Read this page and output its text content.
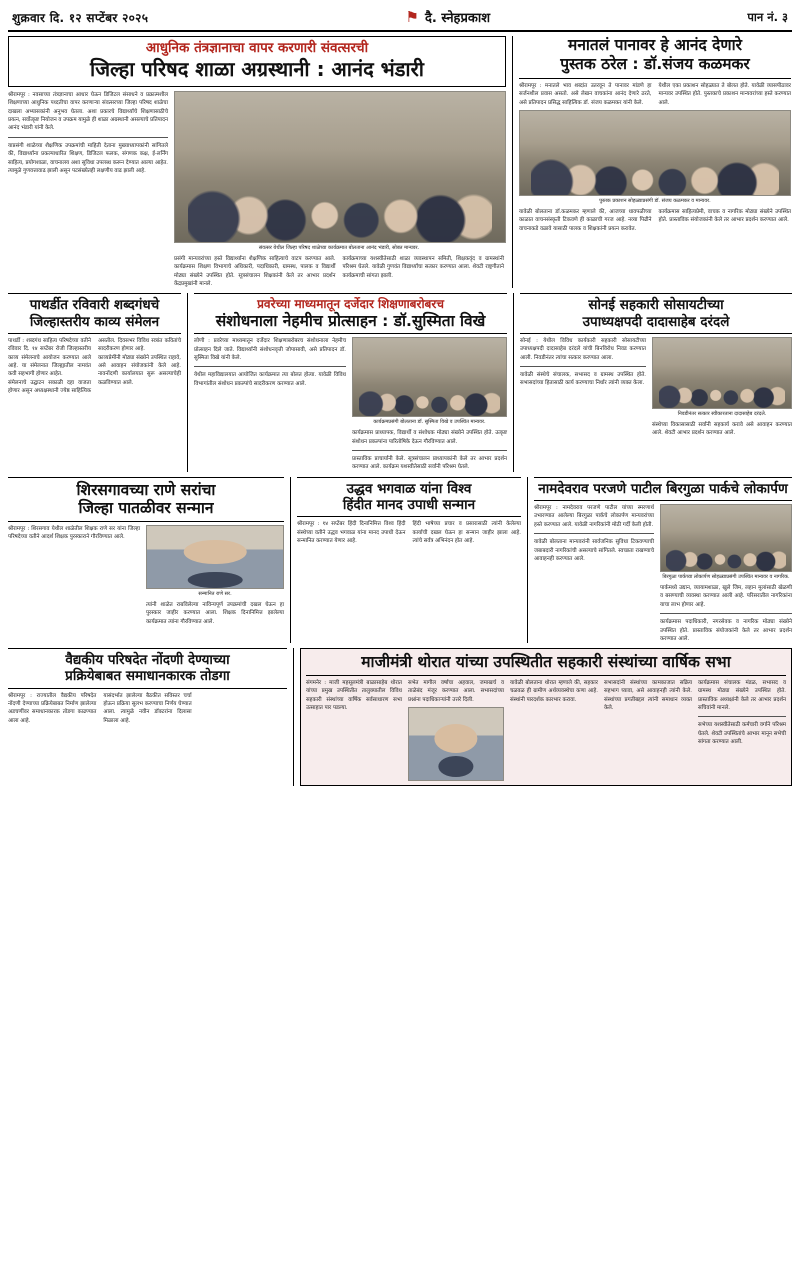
शुक्रवार दि. १२ सप्टेंबर २०२५	⚑ दै. स्नेहप्रकाश	पान नं. ३
आधुनिक तंत्रज्ञानाचा वापर करणारी संवत्सरची
जिल्हा परिषद शाळा अग्रस्थानी : आनंद भंडारी
श्रीरामपूर : नवसाच्या तंत्रज्ञानाचा आधार घेऊन डिजिटल संसाधने व प्रक्रात्मशील शिक्षणाच्या आधुनिक पध्दतीचा वापर करणाऱ्या संवत्सरच्या जिल्हा परिषद शाळेचा दाखला अभ्यासकांनी अनुभव घेतला. अशा प्रकारचे विद्यार्थ्यांचे शिक्षणासाठीचे प्रयत्न, सर्वोत्कृष्ट नियोजन व उपक्रम यामुळे ही शाळा अग्रस्थानी असल्याचे प्रतिपादन आनंद भंडारी यांनी केले.
याप्रसंगी शाळेच्या शैक्षणिक उपक्रमांची माहिती देताना मुख्याध्यापकांनी सांगितले की, विद्यार्थ्यांना प्रकल्पाधारित शिक्षण, डिजिटल फलक, संगणक कक्ष, ई-लर्निंग साहित्य, प्रयोगशाळा, वाचनालय अशा सुविधा उपलब्ध करून देण्यात आल्या आहेत. त्यामुळे गुणवत्तावाढ झाली असून पटसंख्येतही लक्षणीय वाढ झाली आहे.
संवत्सर येथील जिल्हा परिषद शाळेच्या कार्यक्रमात बोलताना आनंद भंडारी, सोबत मान्यवर.
प्रसंगी मान्यवरांच्या हस्ते विद्यार्थ्यांना शैक्षणिक साहित्याचे वाटप करण्यात आले. कार्यक्रमास शिक्षण विभागाचे अधिकारी, पदाधिकारी, ग्रामस्थ, पालक व विद्यार्थी मोठ्या संख्येने उपस्थित होते. सूत्रसंचालन शिक्षकांनी केले तर आभार प्रदर्शन केंद्रप्रमुखांनी मानले.
कार्यक्रमाच्या यशस्वीतेसाठी शाळा व्यवस्थापन समिती, शिक्षकवृंद व ग्रामस्थांनी परिश्रम घेतले. यावेळी गुणवंत विद्यार्थ्यांचा सत्कार करण्यात आला. शेवटी राष्ट्रगीताने कार्यक्रमाची सांगता झाली.
मनातलं पानावर हे आनंद देणारे
पुस्तक ठरेल : डॉ.संजय कळमकर
श्रीरामपूर : मनातले भाव शब्दांत उतरवून ते पानावर मांडणे हा सर्जनशील प्रवास असतो. असे लेखन वाचकांना आनंद देणारे ठरते, असे प्रतिपादन प्रसिद्ध साहित्यिक डॉ. संजय कळमकर यांनी केले.
येथील एका प्रकाशन सोहळ्यात ते बोलत होते. यावेळी व्यासपीठावर मान्यवर उपस्थित होते. पुस्तकाचे प्रकाशन मान्यवरांच्या हस्ते करण्यात आले.
पुस्तक प्रकाशन सोहळ्याप्रसंगी डॉ. संजय कळमकर व मान्यवर.
यावेळी बोलताना डॉ.कळमकर म्हणाले की, आजच्या धावपळीच्या काळात वाचनसंस्कृती टिकवणे ही काळाची गरज आहे. नव्या पिढीने वाचनाकडे वळावे यासाठी पालक व शिक्षकांनी प्रयत्न करावेत.
कार्यक्रमास साहित्यप्रेमी, वाचक व नागरिक मोठ्या संख्येने उपस्थित होते. प्रास्ताविक संयोजकांनी केले तर आभार प्रदर्शन करण्यात आले.
पाथर्डीत रविवारी शब्दगंधचे
जिल्हास्तरीय काव्य संमेलन
पाथर्डी : शब्दगंध साहित्य परिषदेच्या वतीने रविवार दि. १४ सप्टेंबर रोजी जिल्हास्तरीय काव्य संमेलनाचे आयोजन करण्यात आले आहे. या संमेलनात जिल्ह्यातील नामवंत कवी सहभागी होणार आहेत.
संमेलनाचे उद्घाटन सकाळी दहा वाजता होणार असून अध्यक्षस्थानी ज्येष्ठ साहित्यिक असतील. दिवसभर विविध सत्रांत कवितांचे सादरीकरण होणार आहे.
काव्यप्रेमींनी मोठ्या संख्येने उपस्थित राहावे, असे आवाहन संयोजकांनी केले आहे. नावनोंदणी कार्यालयात सुरू असल्याचेही कळविण्यात आले.
प्रवरेच्या माध्यमातून दर्जेदार शिक्षणाबरोबरच
संशोधनाला नेहमीच प्रोत्साहन : डॉ.सुस्मिता विखे
लोणी : प्रवरेच्या माध्यमातून दर्जेदार शिक्षणाबरोबरच संशोधनाला नेहमीच प्रोत्साहन दिले जाते. विद्यार्थ्यांनी संशोधनवृत्ती जोपासावी, असे प्रतिपादन डॉ. सुस्मिता विखे यांनी केले.
येथील महाविद्यालयात आयोजित कार्यक्रमात त्या बोलत होत्या. यावेळी विविध विभागांतील संशोधन प्रकल्पांचे सादरीकरण करण्यात आले.
कार्यक्रमप्रसंगी बोलताना डॉ. सुस्मिता विखे व उपस्थित मान्यवर.
कार्यक्रमास प्राध्यापक, विद्यार्थी व संशोधक मोठ्या संख्येने उपस्थित होते. उत्कृष्ट संशोधन प्रकल्पांना पारितोषिके देऊन गौरविण्यात आले.
प्रास्ताविक प्राचार्यांनी केले. सूत्रसंचालन प्राध्यापकांनी केले तर आभार प्रदर्शन करण्यात आले. कार्यक्रम यशस्वीतेसाठी सर्वांनी परिश्रम घेतले.
सोनई सहकारी सोसायटीच्या
उपाध्यक्षपदी दादासाहेब दरंदले
सोनई : येथील विविध कार्यकारी सहकारी सोसायटीच्या उपाध्यक्षपदी दादासाहेब दरंदले यांची बिनविरोध निवड करण्यात आली. निवडीनंतर त्यांचा सत्कार करण्यात आला.
यावेळी संस्थेचे संचालक, सभासद व ग्रामस्थ उपस्थित होते. सभासदांच्या हितासाठी कार्य करण्याचा निर्धार त्यांनी व्यक्त केला.
निवडीनंतर सत्कार स्वीकारताना दादासाहेब दरंदले.
संस्थेच्या विकासासाठी सर्वांनी सहकार्य करावे असे आवाहन करण्यात आले. शेवटी आभार प्रदर्शन करण्यात आले.
शिरसगावच्या राणे सरांचा
जिल्हा पातळीवर सन्मान
श्रीरामपूर : शिरसगाव येथील शाळेतील शिक्षक राणे सर यांना जिल्हा परिषदेच्या वतीने आदर्श शिक्षक पुरस्काराने गौरविण्यात आले.
सन्मानित राणे सर.
त्यांनी शाळेत राबविलेल्या नाविन्यपूर्ण उपक्रमांची दखल घेऊन हा पुरस्कार जाहीर करण्यात आला. शिक्षक दिनानिमित्त झालेल्या कार्यक्रमात त्यांना गौरविण्यात आले.
उद्धव भगवाळ यांना विश्व
हिंदीत मानद उपाधी सन्मान
श्रीरामपूर : १४ सप्टेंबर हिंदी दिनानिमित्त विश्व हिंदी संस्थेच्या वतीने उद्धव भगवाळ यांना मानद उपाधी देऊन सन्मानित करण्यात येणार आहे.
हिंदी भाषेच्या प्रचार व प्रसारासाठी त्यांनी केलेल्या कार्याची दखल घेऊन हा सन्मान जाहीर झाला आहे. त्यांचे सर्वत्र अभिनंदन होत आहे.
नामदेवराव परजणे पाटील बिरगुळा पार्कचे लोकार्पण
श्रीरामपूर : नामदेवराव परजणे पाटील यांच्या स्मरणार्थ उभारण्यात आलेल्या बिरगुळा पार्कचे लोकार्पण मान्यवरांच्या हस्ते करण्यात आले. यावेळी नागरिकांनी मोठी गर्दी केली होती.
यावेळी बोलताना मान्यवरांनी सार्वजनिक सुविधा टिकवण्याची जबाबदारी नागरिकांची असल्याचे सांगितले. स्वच्छता राखण्याचे आवाहनही करण्यात आले.
बिरगुळा पार्कच्या लोकार्पण सोहळ्याप्रसंगी उपस्थित मान्यवर व नागरिक.
पार्कमध्ये उद्यान, व्यायामशाळा, खुले जिम, लहान मुलांसाठी खेळणी व बसण्याची व्यवस्था करण्यात आली आहे. परिसरातील नागरिकांना याचा लाभ होणार आहे.
कार्यक्रमास पदाधिकारी, नगरसेवक व नागरिक मोठ्या संख्येने उपस्थित होते. प्रास्ताविक संयोजकांनी केले तर आभार प्रदर्शन करण्यात आले.
वैद्यकीय परिषदेत नोंदणी देण्याच्या
प्रक्रियेबाबत समाधानकारक तोडगा
श्रीरामपूर : राज्यातील वैद्यकीय परिषदेत नोंदणी देण्याच्या प्रक्रियेबाबत निर्माण झालेल्या अडचणींवर समाधानकारक तोडगा काढण्यात आला आहे.
यासंदर्भात झालेल्या बैठकीत सविस्तर चर्चा होऊन प्रक्रिया सुलभ करण्याचा निर्णय घेण्यात आला. त्यामुळे नवीन डॉक्टरांना दिलासा मिळाला आहे.
माजीमंत्री थोरात यांच्या उपस्थितीत सहकारी संस्थांच्या वार्षिक सभा
संगमनेर : माजी महसूलमंत्री बाळासाहेब थोरात यांच्या प्रमुख उपस्थितीत तालुक्यातील विविध सहकारी संस्थांच्या वार्षिक सर्वसाधारण सभा उत्साहात पार पडल्या.
सभेत मागील वर्षाचा अहवाल, जमाखर्च व ताळेबंद मंजूर करण्यात आला. सभासदांच्या प्रश्नांना पदाधिकाऱ्यांनी उत्तरे दिली.
यावेळी बोलताना थोरात म्हणाले की, सहकार चळवळ ही ग्रामीण अर्थव्यवस्थेचा कणा आहे. संस्थांनी पारदर्शक कारभार करावा.
सभासदांनी संस्थांच्या कामकाजात सक्रिय सहभाग घ्यावा, असे आवाहनही त्यांनी केले. संस्थांच्या प्रगतीबद्दल त्यांनी समाधान व्यक्त केले.
कार्यक्रमास संचालक मंडळ, सभासद व ग्रामस्थ मोठ्या संख्येने उपस्थित होते. प्रास्ताविक अध्यक्षांनी केले तर आभार प्रदर्शन सचिवांनी मानले.
सभेच्या यशस्वीतेसाठी कर्मचारी वर्गाने परिश्रम घेतले. शेवटी उपस्थितांचे आभार मानून सभेची सांगता करण्यात आली.
